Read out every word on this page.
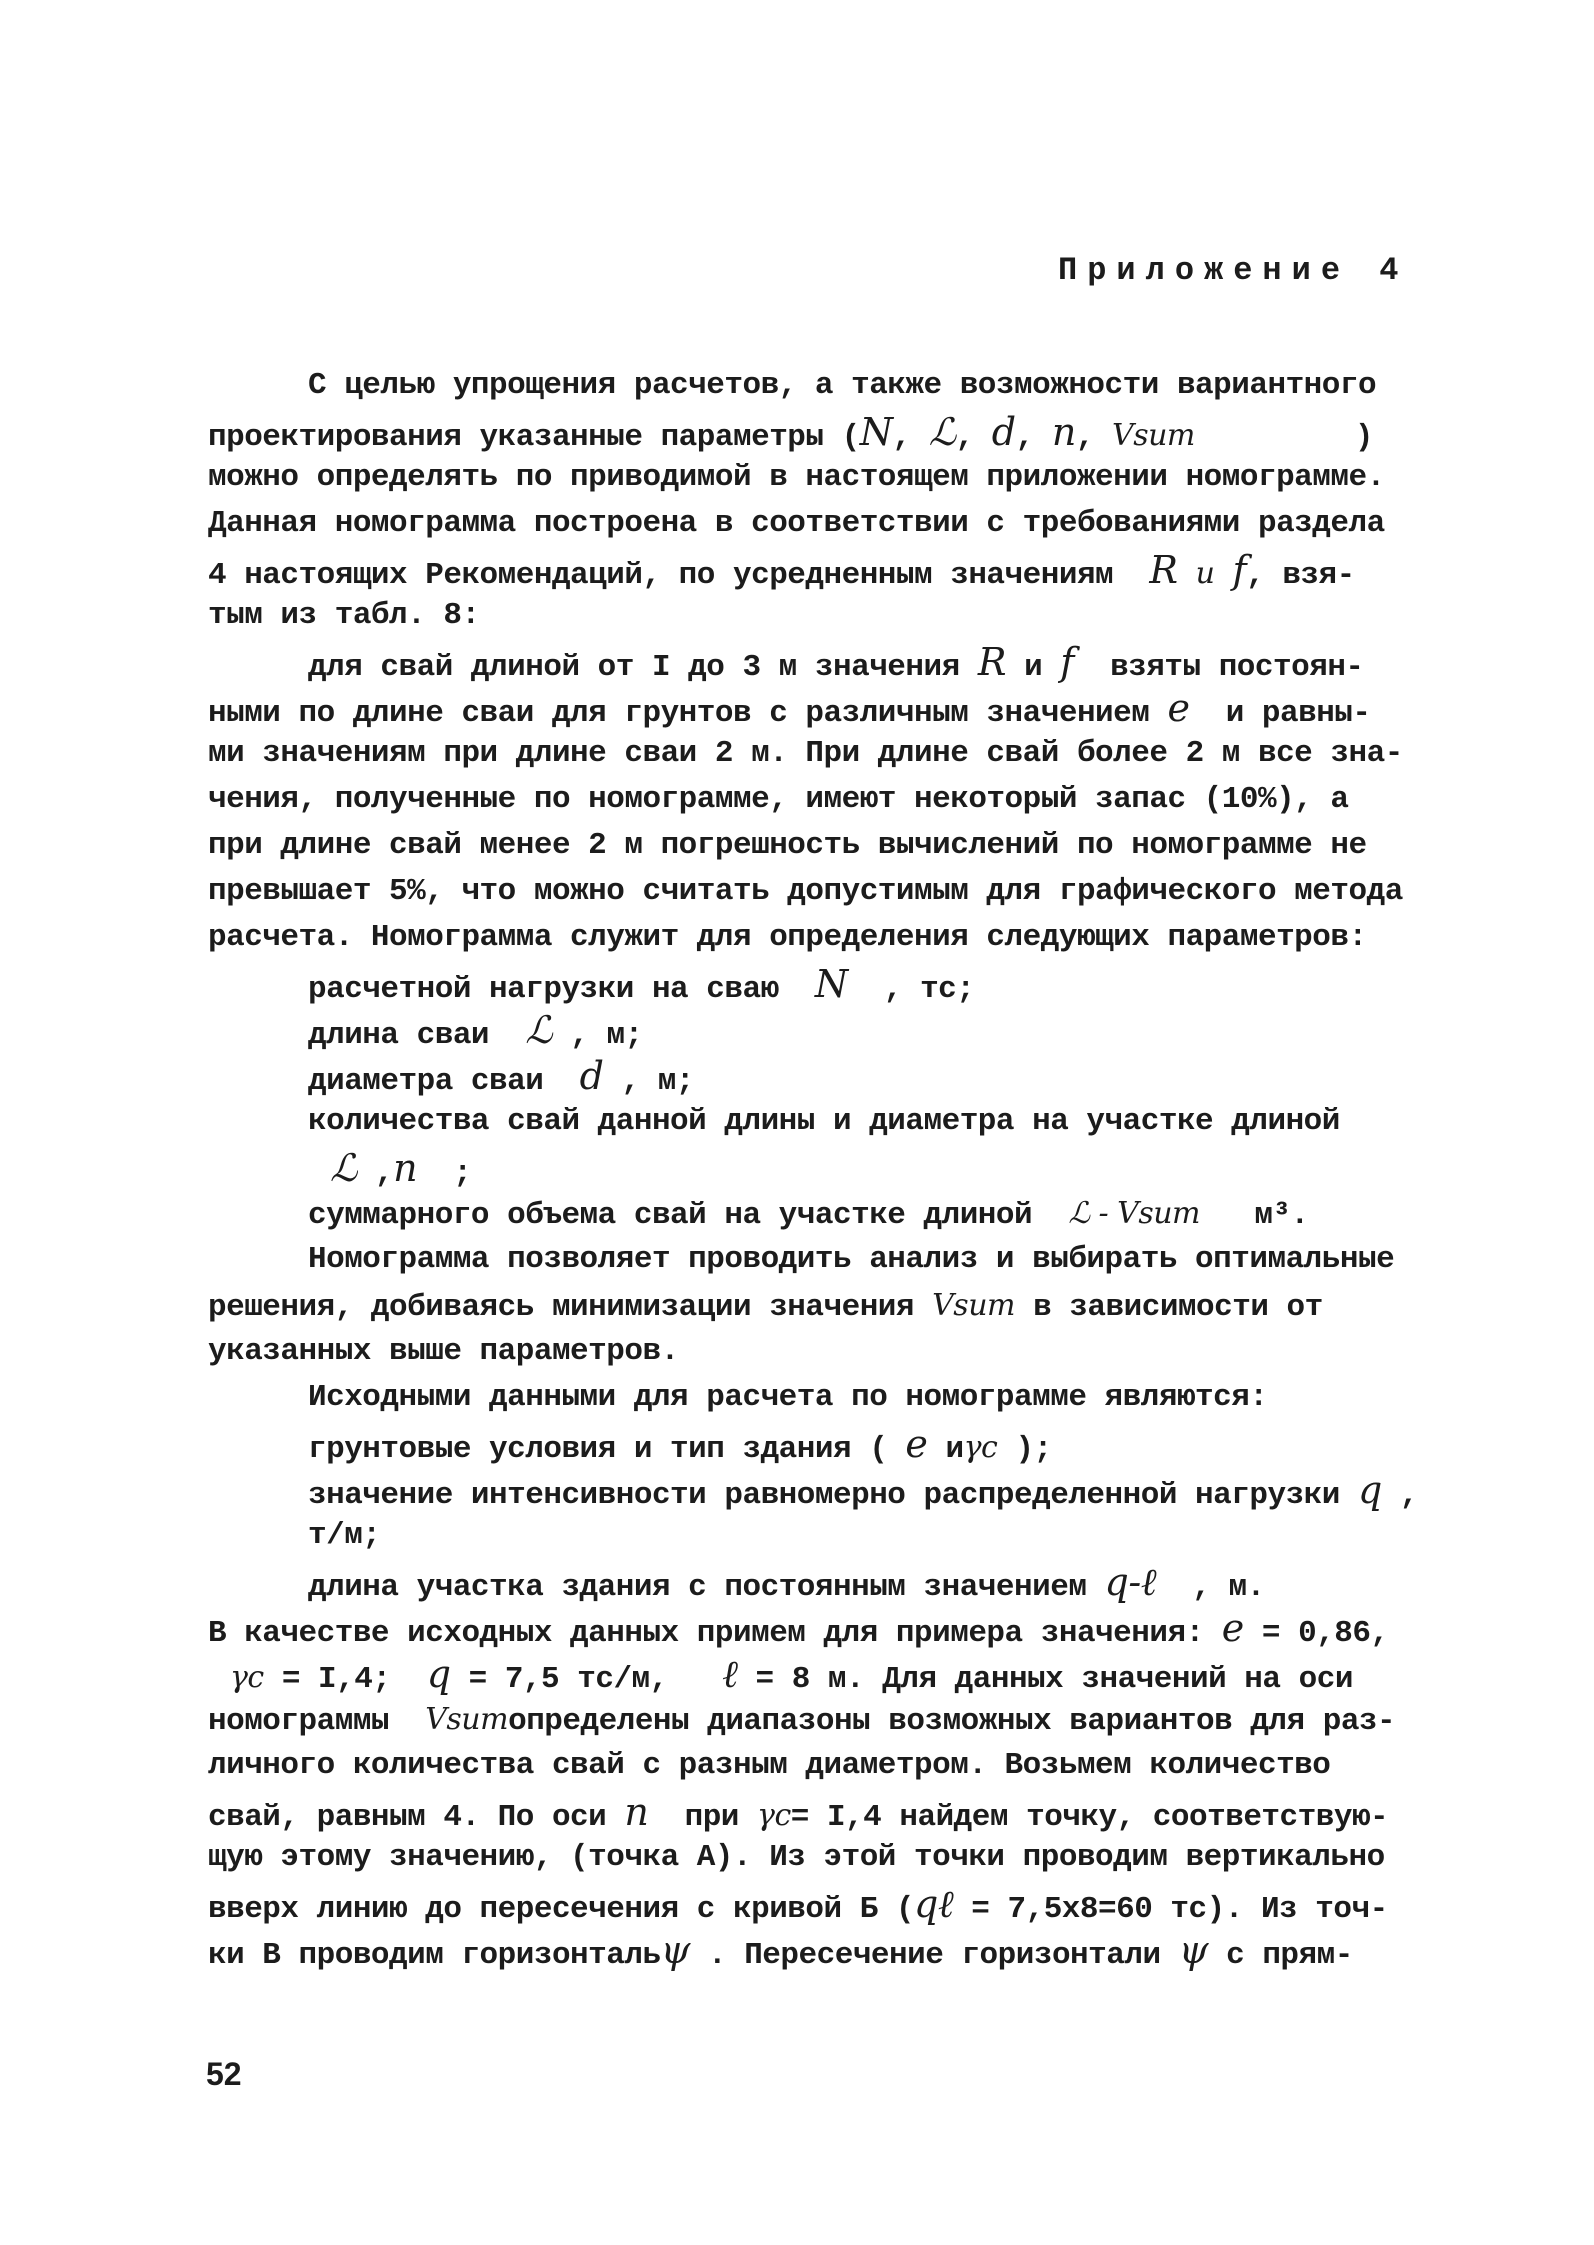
Приложение 4
С целью упрощения расчетов, а также возможности вариантного
проектирования указанные параметры (N, ℒ, d, n, Vsum	)
можно определять по приводимой в настоящем приложении номограмме.
Данная номограмма построена в соответствии с требованиями раздела
4 настоящих Рекомендаций, по усредненным значениям R и f, взя-
тым из табл. 8:
для свай длиной от I до 3 м значения R и f взяты постоян-
ными по длине сваи для грунтов с различным значением e и равны-
ми значениям при длине сваи 2 м. При длине свай более 2 м все зна-
чения, полученные по номограмме, имеют некоторый запас (10%), а
при длине свай менее 2 м погрешность вычислений по номограмме не
превышает 5%, что можно считать допустимым для графического метода
расчета. Номограмма служит для определения следующих параметров:
расчетной нагрузки на сваю N , тс;
длина сваи ℒ , м;
диаметра сваи d , м;
количества свай данной длины и диаметра на участке длиной
ℒ ,n ;
суммарного объема свай на участке длиной ℒ - Vsum м³.
Номограмма позволяет проводить анализ и выбирать оптимальные
решения, добиваясь минимизации значения Vsum в зависимости от
указанных выше параметров.
Исходными данными для расчета по номограмме являются:
грунтовые условия и тип здания ( e иγc );
значение интенсивности равномерно распределенной нагрузки q ,
т/м;
длина участка здания с постоянным значением q-ℓ , м.
В качестве исходных данных примем для примера значения: e = 0,86,
γc = I,4; q = 7,5 тс/м, ℓ = 8 м. Для данных значений на оси
номограммы Vsumопределены диапазоны возможных вариантов для раз-
личного количества свай с разным диаметром. Возьмем количество
свай, равным 4. По оси n при γc= I,4 найдем точку, соответствую-
щую этому значению, (точка А). Из этой точки проводим вертикально
вверх линию до пересечения с кривой Б (qℓ = 7,5x8=60 тс). Из точ-
ки В проводим горизонтальψ . Пересечение горизонтали ψ с прям-
52
